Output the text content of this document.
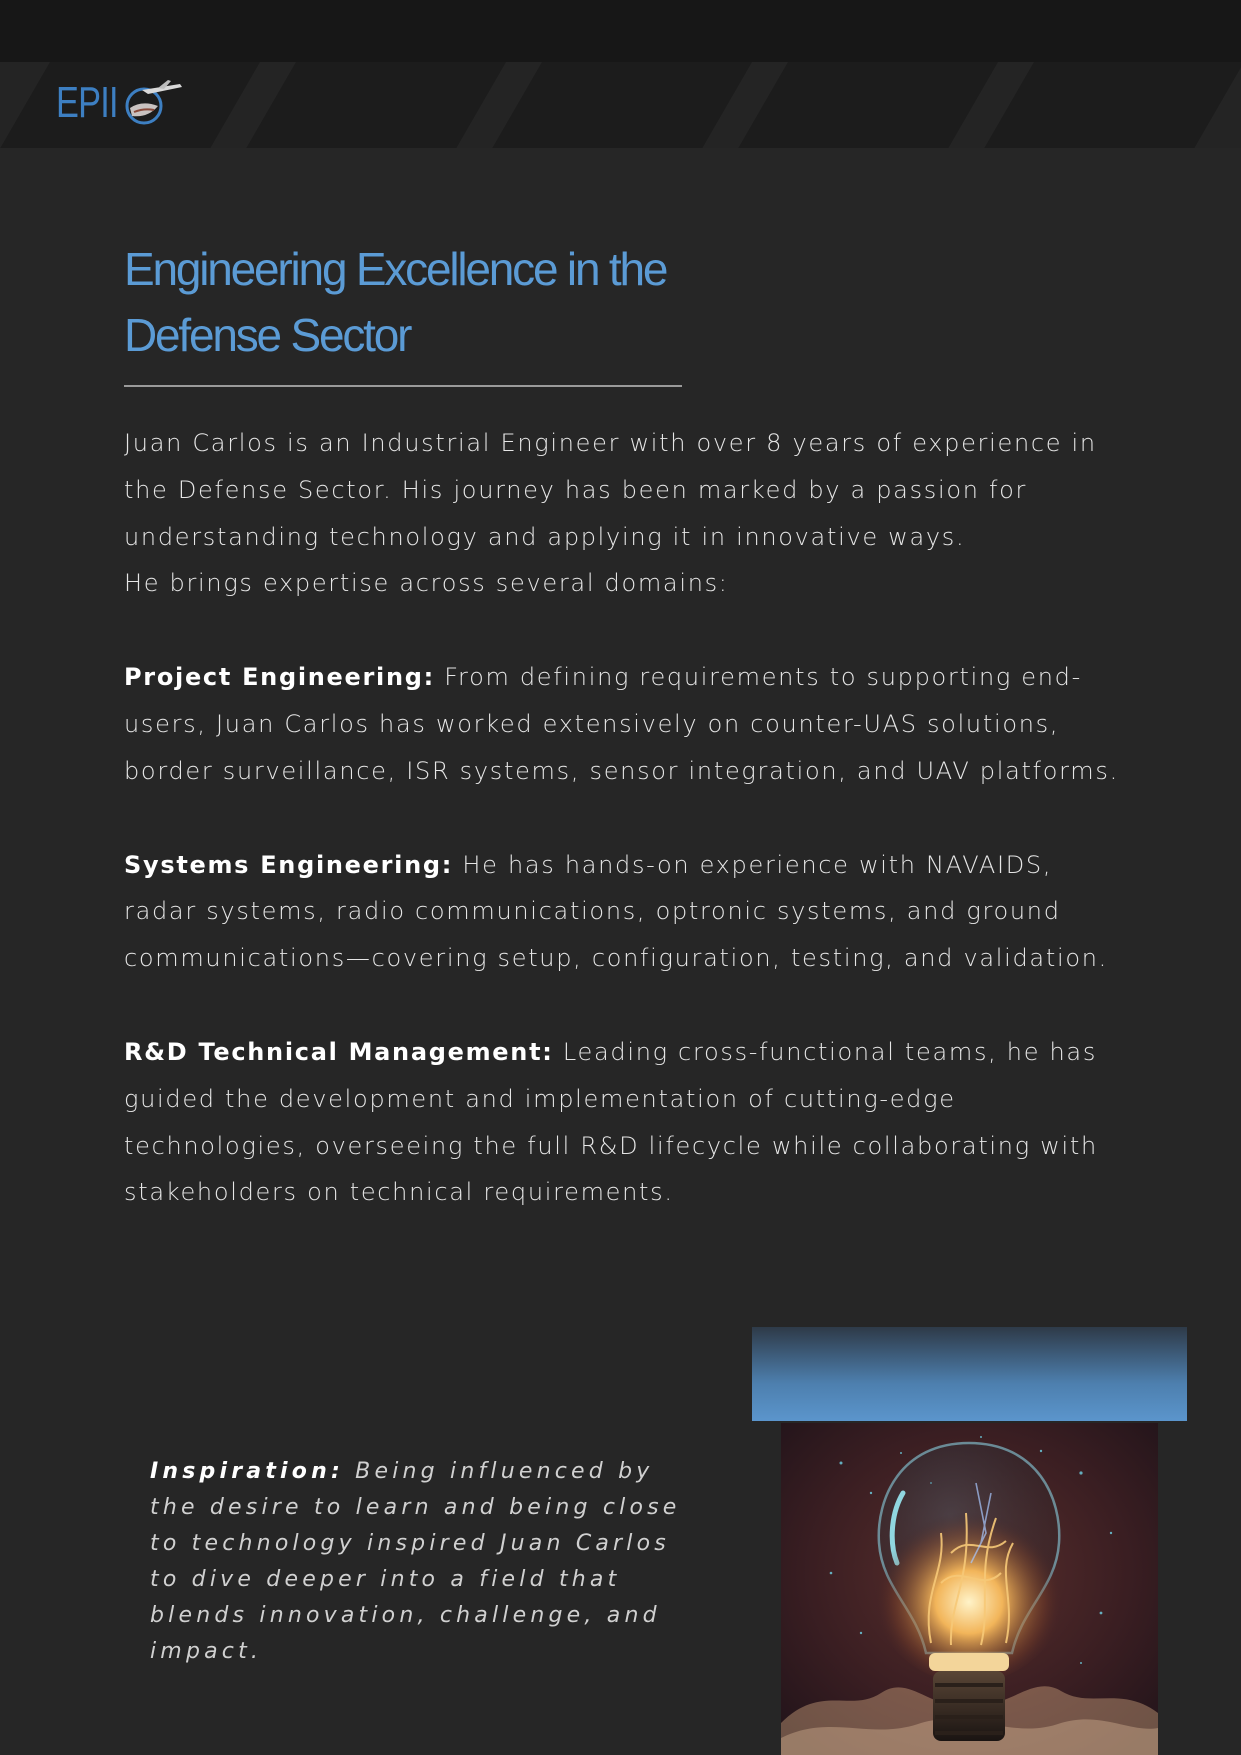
EPII
Engineering Excellence in the Defense Sector

Juan Carlos is an Industrial Engineer with over 8 years of experience in the Defense Sector. His journey has been marked by a passion for understanding technology and applying it in innovative ways.

He brings expertise across several domains:

Project Engineering: From defining requirements to supporting end-users, Juan Carlos has worked extensively on counter-UAS solutions, border surveillance, ISR systems, sensor integration, and UAV platforms.

Systems Engineering: He has hands-on experience with NAVAIDS, radar systems, radio communications, optronic systems, and ground communications—covering setup, configuration, testing, and validation.

R&D Technical Management: Leading cross-functional teams, he has guided the development and implementation of cutting-edge technologies, overseeing the full R&D lifecycle while collaborating with stakeholders on technical requirements.

Inspiration: Being influenced by the desire to learn and being close to technology inspired Juan Carlos to dive deeper into a field that blends innovation, challenge, and impact.
